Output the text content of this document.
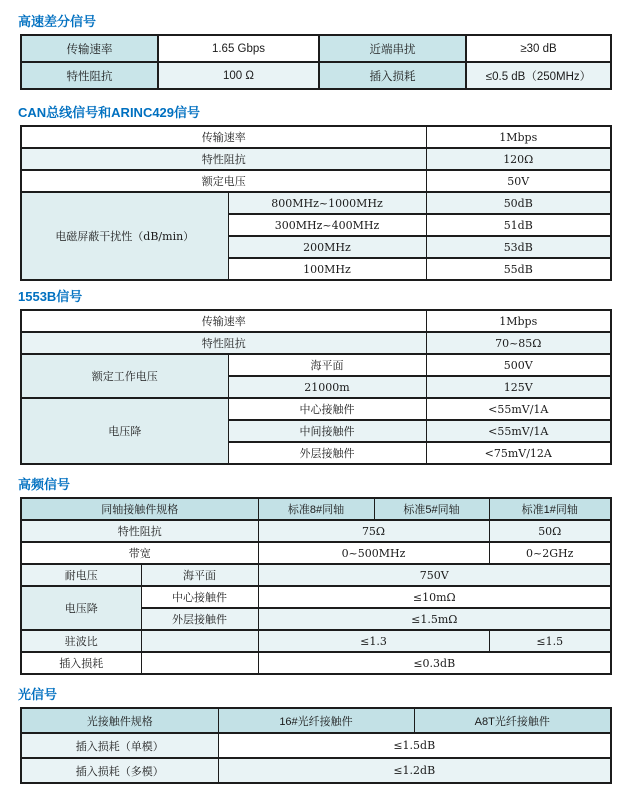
高速差分信号
传输速率	1.65 Gbps	近端串扰	≥30 dB
特性阻抗	100 Ω	插入损耗	≤0.5 dB（250MHz）
CAN总线信号和ARINC429信号
传输速率		1Mbps
特性阻抗		120Ω
额定电压		50V
电磁屏蔽干扰性（dB/min）	800MHz~1000MHz	50dB
	300MHz~400MHz	51dB
	200MHz	53dB
	100MHz	55dB
1553B信号
传输速率		1Mbps
特性阻抗		70~85Ω
额定工作电压	海平面	500V
	21000m	125V
电压降	中心接触件	<55mV/1A
	中间接触件	<55mV/1A
	外层接触件	<75mV/12A
高频信号
同轴接触件规格		标准8#同轴	标准5#同轴	标准1#同轴
特性阻抗		75Ω		50Ω
带宽		0~500MHz		0~2GHz
耐电压	海平面	750V		
电压降	中心接触件	≤10mΩ		
	外层接触件	≤1.5mΩ		
驻波比		≤1.3		≤1.5
插入损耗		≤0.3dB		
光信号
光接触件规格	16#光纤接触件	A8T光纤接触件
插入损耗（单模）	≤1.5dB	
插入损耗（多模）	≤1.2dB	
